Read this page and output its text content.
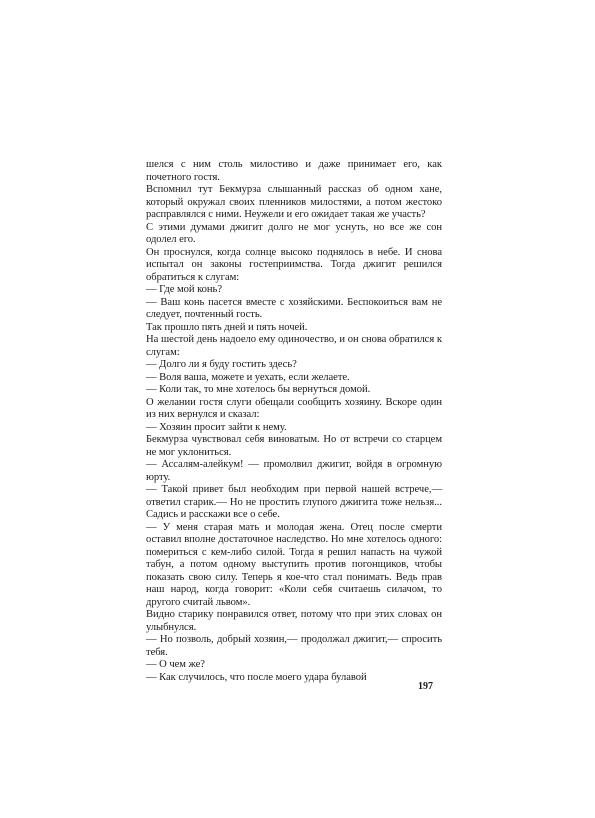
шелся с ним столь милостиво и даже принимает его, как почетного гостя.

Вспомнил тут Бекмурза слышанный рассказ об одном хане, который окружал своих пленников милостями, а потом жестоко расправлялся с ними. Неужели и его ожидает такая же участь?

С этими думами джигит долго не мог уснуть, но все же сон одолел его.

Он проснулся, когда солнце высоко поднялось в небе. И снова испытал он законы гостеприимства. Тогда джигит решился обратиться к слугам:

— Где мой конь?

— Ваш конь пасется вместе с хозяйскими. Беспокоиться вам не следует, почтенный гость.

Так прошло пять дней и пять ночей.

На шестой день надоело ему одиночество, и он снова обратился к слугам:

— Долго ли я буду гостить здесь?

— Воля ваша, можете и уехать, если желаете.

— Коли так, то мне хотелось бы вернуться домой.

О желании гостя слуги обещали сообщить хозяину. Вскоре один из них вернулся и сказал:

— Хозяин просит зайти к нему.

Бекмурза чувствовал себя виноватым. Но от встречи со старцем не мог уклониться.

— Ассалям-алейкум! — промолвил джигит, войдя в огромную юрту.

— Такой привет был необходим при первой нашей встрече,— ответил старик.— Но не простить глупого джигита тоже нельзя... Садись и расскажи все о себе.

— У меня старая мать и молодая жена. Отец после смерти оставил вполне достаточное наследство. Но мне хотелось одного: помериться с кем-либо силой. Тогда я решил напасть на чужой табун, а потом одному выступить против погонщиков, чтобы показать свою силу. Теперь я кое-что стал понимать. Ведь прав наш народ, когда говорит: «Коли себя считаешь силачом, то другого считай львом».

Видно старику понравился ответ, потому что при этих словах он улыбнулся.

— Но позволь, добрый хозяин,— продолжал джигит,— спросить тебя.

— О чем же?

— Как случилось, что после моего удара булавой

197
